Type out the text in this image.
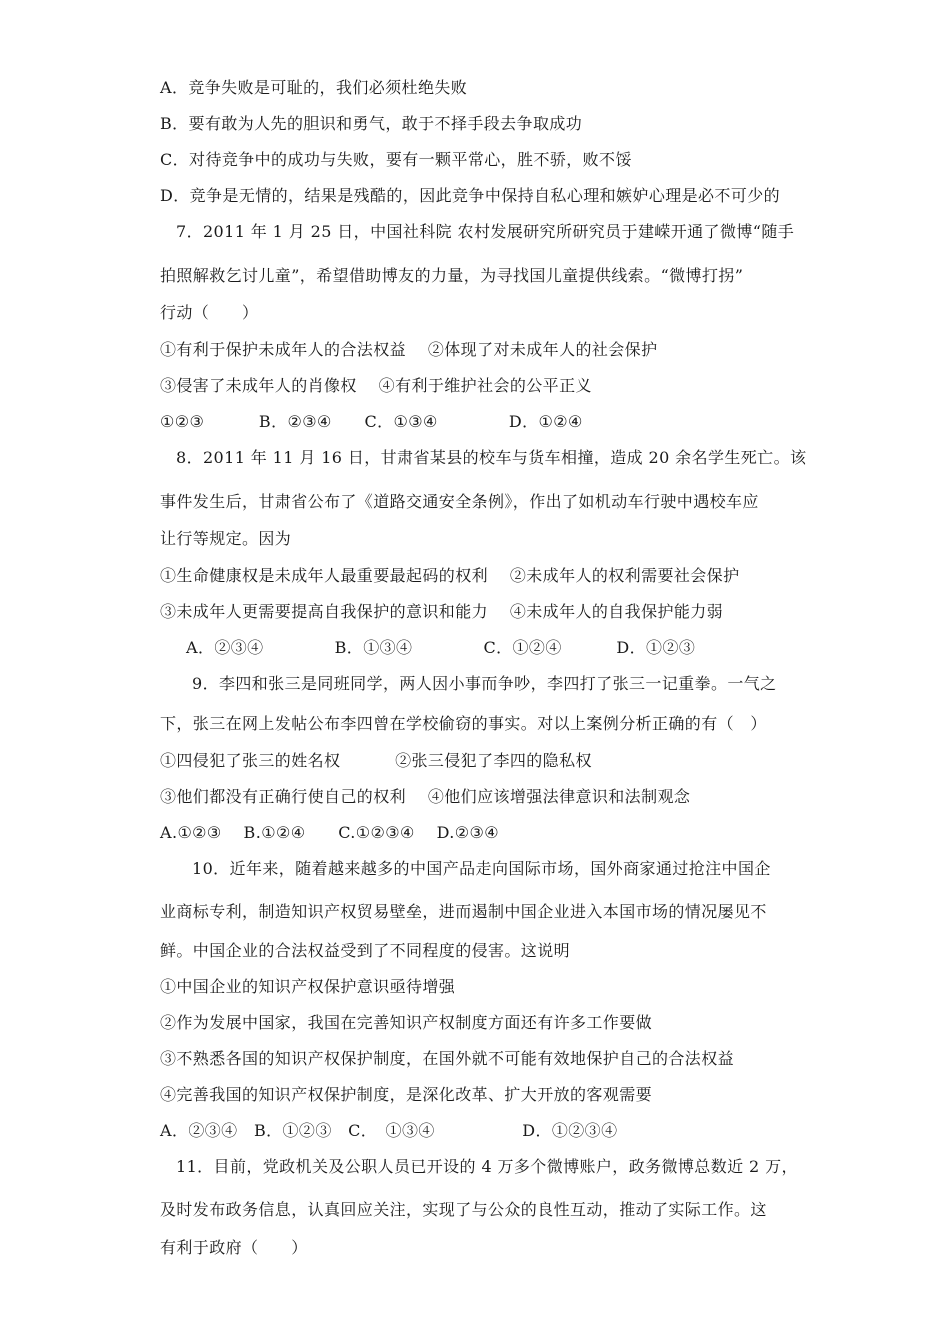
A．竞争失败是可耻的，我们必须杜绝失败
B．要有敢为人先的胆识和勇气，敢于不择手段去争取成功
C．对待竞争中的成功与失败，要有一颗平常心，胜不骄，败不馁
D．竞争是无情的，结果是残酷的，因此竞争中保持自私心理和嫉妒心理是必不可少的
7．2011 年 1 月 25 日，中国社科院 农村发展研究所研究员于建嵘开通了微博“随手
拍照解救乞讨儿童”，希望借助博友的力量，为寻找国儿童提供线索。“微博打拐”
行动（　　）
①有利于保护未成年人的合法权益　 ②体现了对未成年人的社会保护
③侵害了未成年人的肖像权　 ④有利于维护社会的公平正义
①②③　　　 B．②③④　　C．①③④　　　　 D．①②④
8．2011 年 11 月 16 日，甘肃省某县的校车与货车相撞，造成 20 余名学生死亡。该
事件发生后，甘肃省公布了《道路交通安全条例》，作出了如机动车行驶中遇校车应
让行等规定。因为
①生命健康权是未成年人最重要最起码的权利　 ②未成年人的权利需要社会保护
③未成年人更需要提高自我保护的意识和能力　 ④未成年人的自我保护能力弱
A．②③④　　　　 B．①③④　　　　 C．①②④　　　 D．①②③
9．李四和张三是同班同学，两人因小事而争吵，李四打了张三一记重拳。一气之
下，张三在网上发帖公布李四曾在学校偷窃的事实。对以上案例分析正确的有（　）
①四侵犯了张三的姓名权　　　 ②张三侵犯了李四的隐私权
③他们都没有正确行使自己的权利　 ④他们应该增强法律意识和法制观念
A.①②③　 B.①②④　　C.①②③④　 D.②③④
10．近年来，随着越来越多的中国产品走向国际市场，国外商家通过抢注中国企
业商标专利，制造知识产权贸易壁垒，进而遏制中国企业进入本国市场的情况屡见不
鲜。中国企业的合法权益受到了不同程度的侵害。这说明
①中国企业的知识产权保护意识亟待增强
②作为发展中国家，我国在完善知识产权制度方面还有许多工作要做
③不熟悉各国的知识产权保护制度，在国外就不可能有效地保护自己的合法权益
④完善我国的知识产权保护制度，是深化改革、扩大开放的客观需要
A．②③④　B．①②③　C．　①③④　　　　　 D．①②③④
11．目前，党政机关及公职人员已开设的 4 万多个微博账户，政务微博总数近 2 万，
及时发布政务信息，认真回应关注，实现了与公众的良性互动，推动了实际工作。这
有利于政府（　　）
